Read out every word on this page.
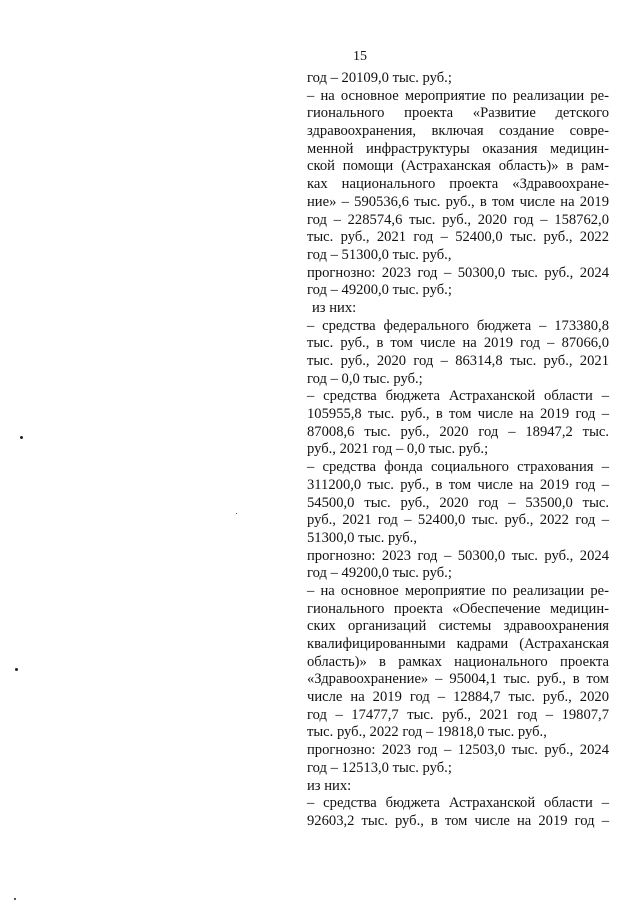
15
год – 20109,0 тыс. руб.;
– на основное мероприятие по реализации ре-
гионального проекта «Развитие детского
здравоохранения, включая создание совре-
менной инфраструктуры оказания медицин-
ской помощи (Астраханская область)» в рам-
ках национального проекта «Здравоохране-
ние» – 590536,6 тыс. руб., в том числе на 2019
год – 228574,6 тыс. руб., 2020 год – 158762,0
тыс. руб., 2021 год – 52400,0 тыс. руб., 2022
год – 51300,0 тыс. руб.,
прогнозно: 2023 год – 50300,0 тыс. руб., 2024
год – 49200,0 тыс. руб.;
из них:
– средства федерального бюджета – 173380,8
тыс. руб., в том числе на 2019 год – 87066,0
тыс. руб., 2020 год – 86314,8 тыс. руб., 2021
год – 0,0 тыс. руб.;
– средства бюджета Астраханской области –
105955,8 тыс. руб., в том числе на 2019 год –
87008,6 тыс. руб., 2020 год – 18947,2 тыс.
руб., 2021 год – 0,0 тыс. руб.;
– средства фонда социального страхования –
311200,0 тыс. руб., в том числе на 2019 год –
54500,0 тыс. руб., 2020 год – 53500,0 тыс.
руб., 2021 год – 52400,0 тыс. руб., 2022 год –
51300,0 тыс. руб.,
прогнозно: 2023 год – 50300,0 тыс. руб., 2024
год – 49200,0 тыс. руб.;
– на основное мероприятие по реализации ре-
гионального проекта «Обеспечение медицин-
ских организаций системы здравоохранения
квалифицированными кадрами (Астраханская
область)» в рамках национального проекта
«Здравоохранение» – 95004,1 тыс. руб., в том
числе на 2019 год – 12884,7 тыс. руб., 2020
год – 17477,7 тыс. руб., 2021 год – 19807,7
тыс. руб., 2022 год – 19818,0 тыс. руб.,
прогнозно: 2023 год – 12503,0 тыс. руб., 2024
год – 12513,0 тыс. руб.;
из них:
– средства бюджета Астраханской области –
92603,2 тыс. руб., в том числе на 2019 год –
